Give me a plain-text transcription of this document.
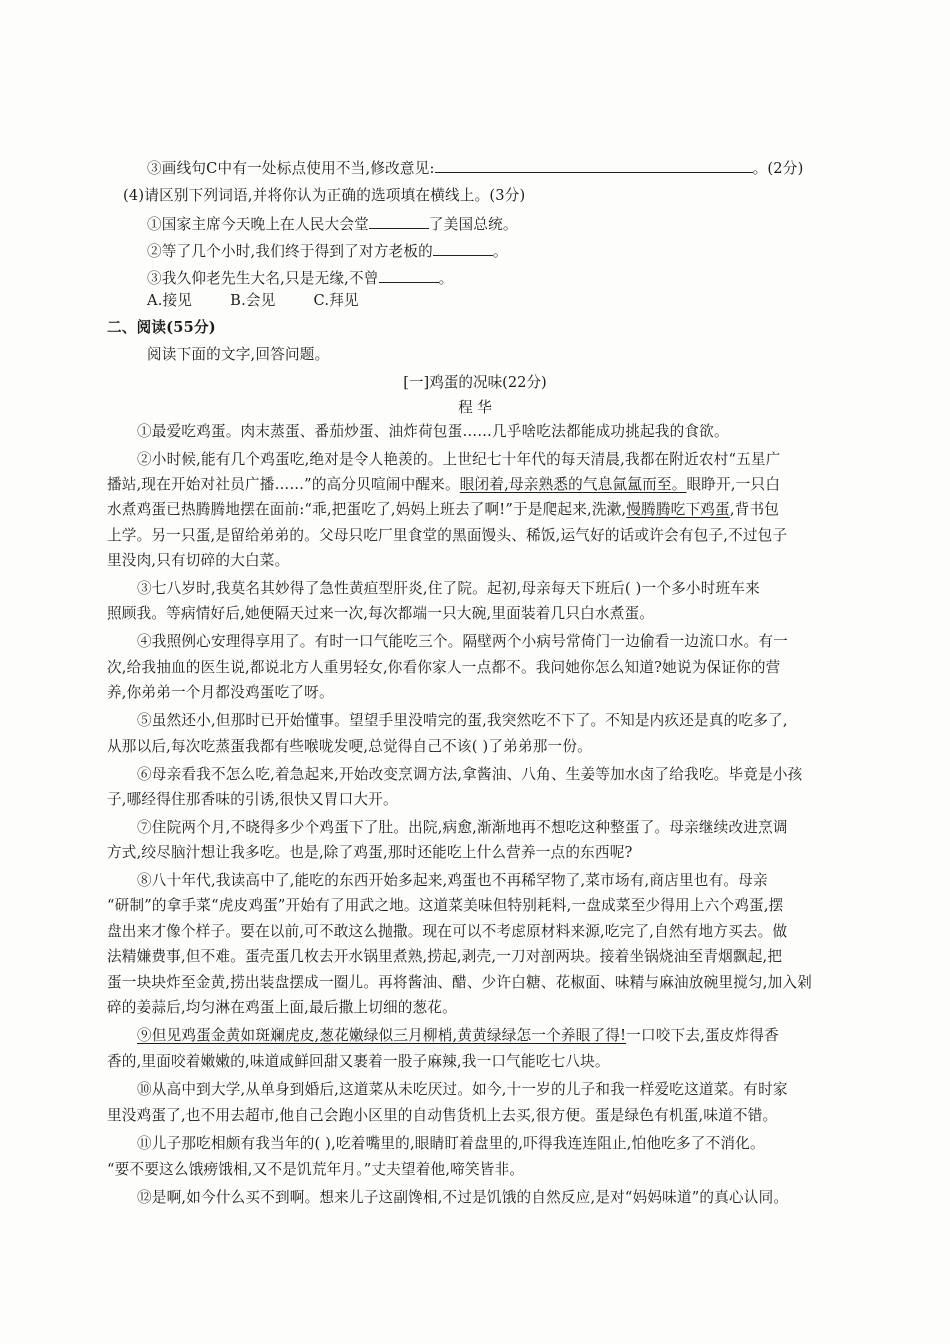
③画线句C中有一处标点使用不当,修改意见:	。(2分)
(4)请区别下列词语,并将你认为正确的选项填在横线上。(3分)
①国家主席今天晚上在人民大会堂	了美国总统。
②等了几个小时,我们终于得到了对方老板的	。
③我久仰老先生大名,只是无缘,不曾	。
A.接见	B.会见	C.拜见
二、阅读(55分)
阅读下面的文字,回答问题。
[一]鸡蛋的况味(22分)
程 华
①最爱吃鸡蛋。肉末蒸蛋、番茄炒蛋、油炸荷包蛋……几乎啥吃法都能成功挑起我的食欲。
②小时候,能有几个鸡蛋吃,绝对是令人艳羡的。上世纪七十年代的每天清晨,我都在附近农村“五星广
播站,现在开始对社员广播……”的高分贝喧闹中醒来。眼闭着,母亲熟悉的气息氤氲而至。眼睁开,一只白
水煮鸡蛋已热腾腾地摆在面前:“乖,把蛋吃了,妈妈上班去了啊!”于是爬起来,洗漱,慢腾腾吃下鸡蛋,背书包
上学。另一只蛋,是留给弟弟的。父母只吃厂里食堂的黑面馒头、稀饭,运气好的话或许会有包子,不过包子
里没肉,只有切碎的大白菜。
③七八岁时,我莫名其妙得了急性黄疸型肝炎,住了院。起初,母亲每天下班后( )一个多小时班车来
照顾我。等病情好后,她便隔天过来一次,每次都端一只大碗,里面装着几只白水煮蛋。
④我照例心安理得享用了。有时一口气能吃三个。隔壁两个小病号常倚门一边偷看一边流口水。有一
次,给我抽血的医生说,都说北方人重男轻女,你看你家人一点都不。我问她你怎么知道?她说为保证你的营
养,你弟弟一个月都没鸡蛋吃了呀。
⑤虽然还小,但那时已开始懂事。望望手里没啃完的蛋,我突然吃不下了。不知是内疚还是真的吃多了,
从那以后,每次吃蒸蛋我都有些喉咙发哽,总觉得自己不该( )了弟弟那一份。
⑥母亲看我不怎么吃,着急起来,开始改变烹调方法,拿酱油、八角、生姜等加水卤了给我吃。毕竟是小孩
子,哪经得住那香味的引诱,很快又胃口大开。
⑦住院两个月,不晓得多少个鸡蛋下了肚。出院,病愈,渐渐地再不想吃这种整蛋了。母亲继续改进烹调
方式,绞尽脑汁想让我多吃。也是,除了鸡蛋,那时还能吃上什么营养一点的东西呢?
⑧八十年代,我读高中了,能吃的东西开始多起来,鸡蛋也不再稀罕物了,菜市场有,商店里也有。母亲
“研制”的拿手菜“虎皮鸡蛋”开始有了用武之地。这道菜美味但特别耗料,一盘成菜至少得用上六个鸡蛋,摆
盘出来才像个样子。要在以前,可不敢这么抛撒。现在可以不考虑原材料来源,吃完了,自然有地方买去。做
法精嫌费事,但不难。蛋壳蛋几枚去开水锅里煮熟,捞起,剥壳,一刀对剖两块。接着坐锅烧油至青烟飘起,把
蛋一块块炸至金黄,捞出装盘摆成一圈儿。再将酱油、醋、少许白糖、花椒面、味精与麻油放碗里搅匀,加入剁
碎的姜蒜后,均匀淋在鸡蛋上面,最后撒上切细的葱花。
⑨但见鸡蛋金黄如斑斓虎皮,葱花嫩绿似三月柳梢,黄黄绿绿怎一个养眼了得!一口咬下去,蛋皮炸得香
香的,里面咬着嫩嫩的,味道咸鲜回甜又裹着一股子麻辣,我一口气能吃七八块。
⑩从高中到大学,从单身到婚后,这道菜从未吃厌过。如今,十一岁的儿子和我一样爱吃这道菜。有时家
里没鸡蛋了,也不用去超市,他自己会跑小区里的自动售货机上去买,很方便。蛋是绿色有机蛋,味道不错。
⑪儿子那吃相颇有我当年的( ),吃着嘴里的,眼睛盯着盘里的,吓得我连连阻止,怕他吃多了不消化。
“要不要这么饿痨饿相,又不是饥荒年月。”丈夫望着他,啼笑皆非。
⑫是啊,如今什么买不到啊。想来儿子这副馋相,不过是饥饿的自然反应,是对“妈妈味道”的真心认同。
